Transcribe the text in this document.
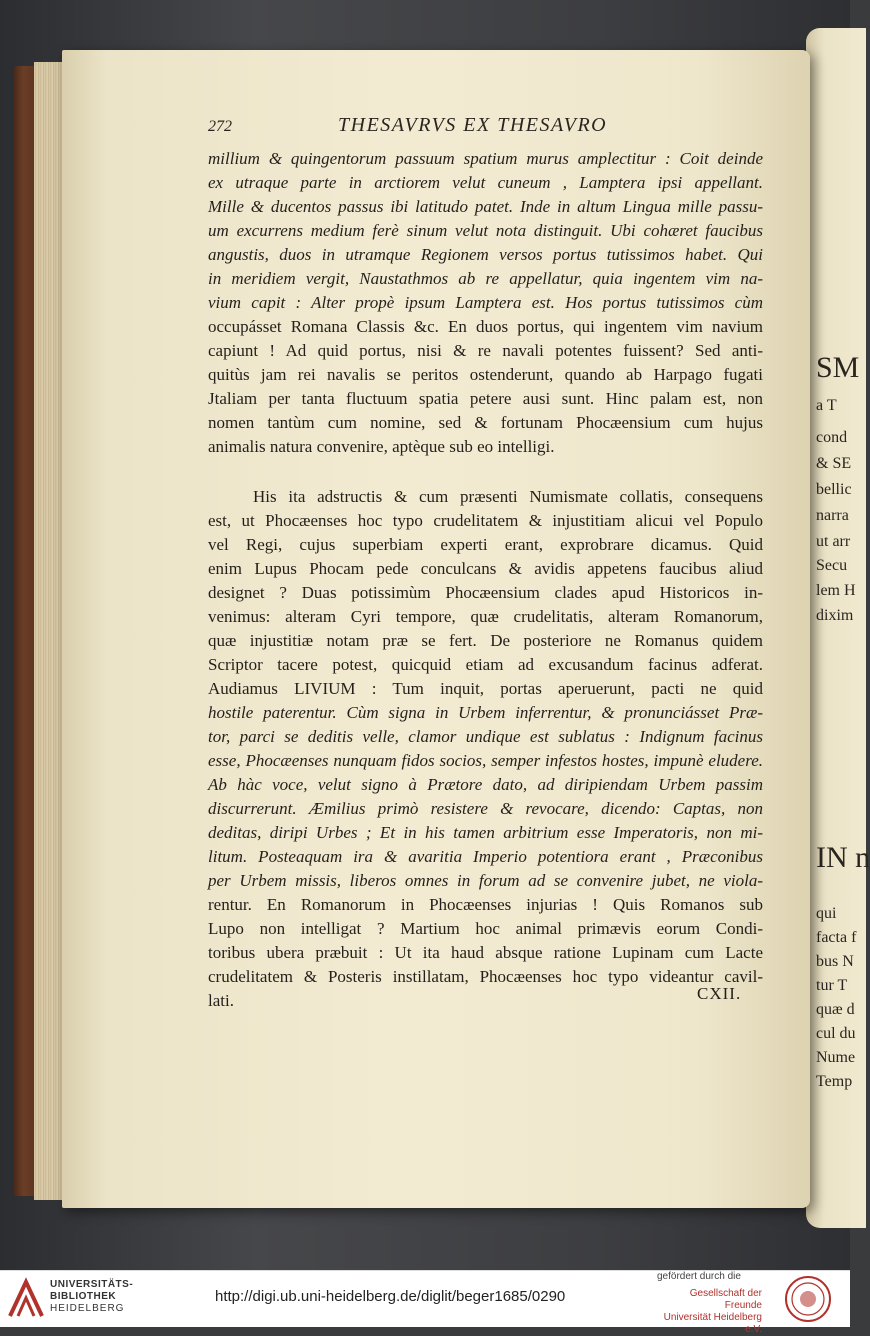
SM
a T
cond
& SE
bellic
narra
ut arr
Secu
lem H
dixim
IN n
qui
facta f
bus N
tur T
quæ d
cul du
Nume
Temp
272	THESAVRVS EX THESAVRO
millium & quingentorum passuum spatium murus amplectitur : Coit deinde
ex utraque parte in arctiorem velut cuneum , Lamptera ipsi appellant.
Mille & ducentos passus ibi latitudo patet. Inde in altum Lingua mille passu-
um excurrens medium ferè sinum velut nota distinguit. Ubi cohæret faucibus
angustis, duos in utramque Regionem versos portus tutissimos habet. Qui
in meridiem vergit, Naustathmos ab re appellatur, quia ingentem vim na-
vium capit : Alter propè ipsum Lamptera est. Hos portus tutissimos cùm
occupásset Romana Classis &c. En duos portus, qui ingentem vim navium
capiunt ! Ad quid portus, nisi & re navali potentes fuissent? Sed anti-
quitùs jam rei navalis se peritos ostenderunt, quando ab Harpago fugati
Jtaliam per tanta fluctuum spatia petere ausi sunt. Hinc palam est, non
nomen tantùm cum nomine, sed & fortunam Phocæensium cum hujus
animalis natura convenire, aptèque sub eo intelligi.
His ita adstructis & cum præsenti Numismate collatis, consequens
est, ut Phocæenses hoc typo crudelitatem & injustitiam alicui vel Populo
vel Regi, cujus superbiam experti erant, exprobrare dicamus. Quid
enim Lupus Phocam pede conculcans & avidis appetens faucibus aliud
designet ? Duas potissimùm Phocæensium clades apud Historicos in-
venimus: alteram Cyri tempore, quæ crudelitatis, alteram Romanorum,
quæ injustitiæ notam præ se fert. De posteriore ne Romanus quidem
Scriptor tacere potest, quicquid etiam ad excusandum facinus adferat.
Audiamus LIVIUM : Tum inquit, portas aperuerunt, pacti ne quid
hostile paterentur. Cùm signa in Urbem inferrentur, & pronunciásset Præ-
tor, parci se deditis velle, clamor undique est sublatus : Indignum facinus
esse, Phocæenses nunquam fidos socios, semper infestos hostes, impunè eludere.
Ab hàc voce, velut signo à Prætore dato, ad diripiendam Urbem passim
discurrerunt. Æmilius primò resistere & revocare, dicendo: Captas, non
deditas, diripi Urbes ; Et in his tamen arbitrium esse Imperatoris, non mi-
litum. Posteaquam ira & avaritia Imperio potentiora erant , Præconibus
per Urbem missis, liberos omnes in forum ad se convenire jubet, ne viola-
rentur. En Romanorum in Phocæenses injurias ! Quis Romanos sub
Lupo non intelligat ? Martium hoc animal primævis eorum Condi-
toribus ubera præbuit : Ut ita haud absque ratione Lupinam cum Lacte
crudelitatem & Posteris instillatam, Phocæenses hoc typo videantur cavil-
lati.	CXII.
UNIVERSITÄTS-
BIBLIOTHEK
HEIDELBERG
http://digi.ub.uni-heidelberg.de/diglit/beger1685/0290
gefördert durch die
Gesellschaft der Freunde
Universität Heidelberg e.V.
